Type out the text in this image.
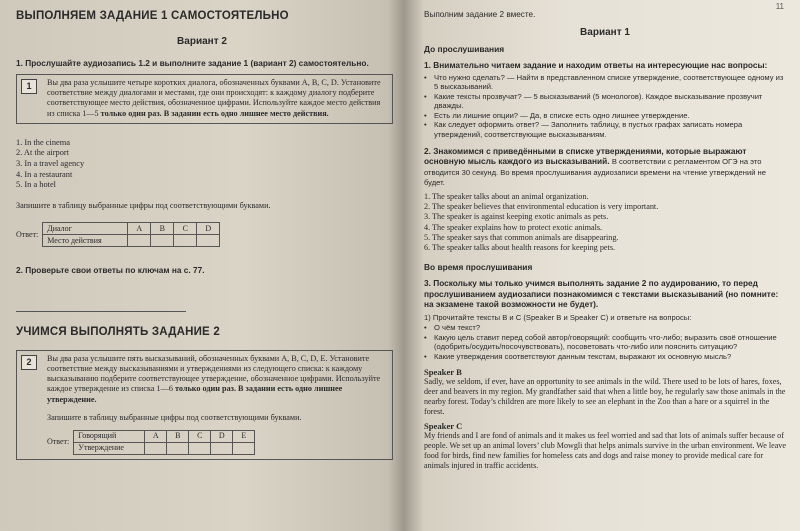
ВЫПОЛНЯЕМ ЗАДАНИЕ 1 САМОСТОЯТЕЛЬНО
Вариант 2
1. Прослушайте аудиозапись 1.2 и выполните задание 1 (вариант 2) самостоятельно.
1	Вы два раза услышите четыре коротких диалога, обозначенных буквами А, В, С, D. Установите соответствие между диалогами и местами, где они происходят: к каждому диалогу подберите соответствующее место действия, обозначенное цифрами. Используйте каждое место действия из списка 1—5 только один раз. В задании есть одно лишнее место действия.
1. In the cinema
2. At the airport
3. In a travel agency
4. In a restaurant
5. In a hotel
Запишите в таблицу выбранные цифры под соответствующими буквами.
Ответ:
Диалог	A	B	C	D
Место действия				
2. Проверьте свои ответы по ключам на с. 77.
УЧИМСЯ ВЫПОЛНЯТЬ ЗАДАНИЕ 2
2	Вы два раза услышите пять высказываний, обозначенных буквами А, В, С, D, Е. Установите соответствие между высказываниями и утверждениями из следующего списка: к каждому высказыванию подберите соответствующее утверждение, обозначенное цифрами. Используйте каждое утверждение из списка 1—6 только один раз. В задании есть одно лишнее утверждение.
Запишите в таблицу выбранные цифры под соответствующими буквами.
Ответ:
Говорящий	A	B	C	D	E
Утверждение					
11
Выполним задание 2 вместе.
Вариант 1
До прослушивания
1. Внимательно читаем задание и находим ответы на интересующие нас вопросы:
• Что нужно сделать? — Найти в представленном списке утверждение, соответствующее одному из 5 высказываний.
• Какие тексты прозвучат? — 5 высказываний (5 монологов). Каждое высказывание прозвучит дважды.
• Есть ли лишние опции? — Да, в списке есть одно лишнее утверждение.
• Как следует оформить ответ? — Заполнить таблицу, в пустых графах записать номера утверждений, соответствующие высказываниям.
2. Знакомимся с приведёнными в списке утверждениями, которые выражают основную мысль каждого из высказываний. В соответствии с регламентом ОГЭ на это отводится 30 секунд. Во время прослушивания аудиозаписи времени на чтение утверждений не будет.
1. The speaker talks about an animal organization.
2. The speaker believes that environmental education is very important.
3. The speaker is against keeping exotic animals as pets.
4. The speaker explains how to protect exotic animals.
5. The speaker says that common animals are disappearing.
6. The speaker talks about health reasons for keeping pets.
Во время прослушивания
3. Поскольку мы только учимся выполнять задание 2 по аудированию, то перед прослушиванием аудиозаписи познакомимся с текстами высказываний (но помните: на экзамене такой возможности не будет).
1) Прочитайте тексты В и С (Speaker В и Speaker С) и ответьте на вопросы:
• О чём текст?
• Какую цель ставит перед собой автор/говорящий: сообщить что-либо; выразить своё отношение (одобрить/осудить/посочувствовать), посоветовать что-либо или пояснить ситуацию?
• Какие утверждения соответствуют данным текстам, выражают их основную мысль?
Speaker B
Sadly, we seldom, if ever, have an opportunity to see animals in the wild. There used to be lots of hares, foxes, deer and beavers in my region. My grandfather said that when a little boy, he regularly saw those animals in the nearby forest. Today’s children are more likely to see an elephant in the Zoo than a hare or a squirrel in the forest.
Speaker C
My friends and I are fond of animals and it makes us feel worried and sad that lots of animals suffer because of people. We set up an animal lovers’ club Mowgli that helps animals survive in the urban environment. We leave food for birds, find new families for homeless cats and dogs and raise money to provide medical care for animals injured in traffic accidents.
